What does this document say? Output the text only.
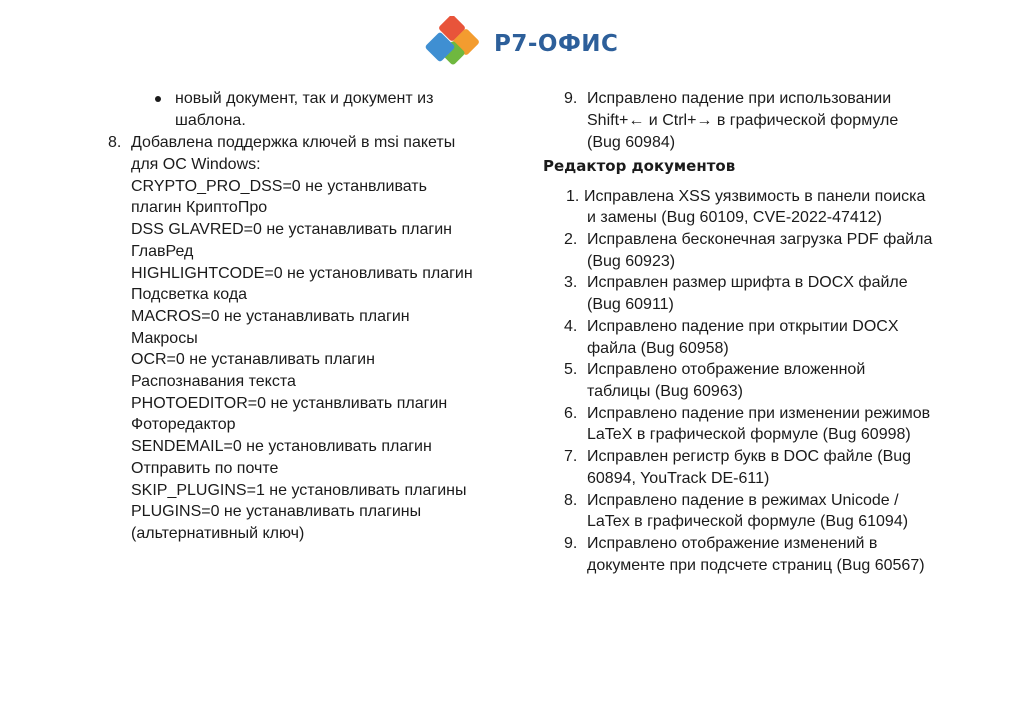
Р7-ОФИС
новый документ, так и документ из
шаблона.
8. Добавлена поддержка ключей в msi пакеты
для ОС Windows:
CRYPTO_PRO_DSS=0 не устанвливать
плагин КриптоПро
DSS GLAVRED=0 не устанавливать плагин
ГлавРед
HIGHLIGHTCODE=0 не установливать плагин
Подсветка кода
MACROS=0 не устанавливать плагин
Макросы
OCR=0 не устанавливать плагин
Распознавания текста
PHOTOEDITOR=0 не устанвливать плагин
Фоторедактор
SENDEMAIL=0 не установливать плагин
Отправить по почте
SKIP_PLUGINS=1 не установливать плагины
PLUGINS=0 не устанавливать плагины
(альтернативный ключ)
9. Исправлено падение при использовании
Shift+← и Ctrl+→ в графической формуле
(Bug 60984)
Редактор документов
1. Исправлена XSS уязвимость в панели поиска
и замены (Bug 60109, CVE-2022-47412)
2. Исправлена бесконечная загрузка PDF файла
(Bug 60923)
3. Исправлен размер шрифта в DOCX файле
(Bug 60911)
4. Исправлено падение при открытии DOCX
файла (Bug 60958)
5. Исправлено отображение вложенной
таблицы (Bug 60963)
6. Исправлено падение при изменении режимов
LaTeX в графической формуле (Bug 60998)
7. Исправлен регистр букв в DOC файле (Bug
60894, YouTrack DE-611)
8. Исправлено падение в режимах Unicode /
LaTex в графической формуле (Bug 61094)
9. Исправлено отображение изменений в
документе при подсчете страниц (Bug 60567)
